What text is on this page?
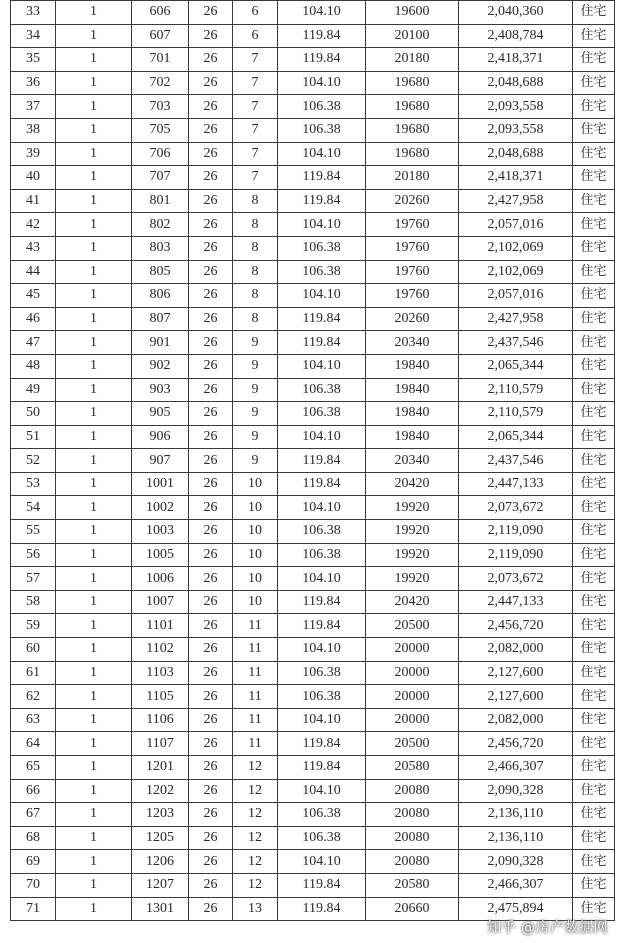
33	1	606	26	6	104.10	19600	2,040,360	住宅
34	1	607	26	6	119.84	20100	2,408,784	住宅
35	1	701	26	7	119.84	20180	2,418,371	住宅
36	1	702	26	7	104.10	19680	2,048,688	住宅
37	1	703	26	7	106.38	19680	2,093,558	住宅
38	1	705	26	7	106.38	19680	2,093,558	住宅
39	1	706	26	7	104.10	19680	2,048,688	住宅
40	1	707	26	7	119.84	20180	2,418,371	住宅
41	1	801	26	8	119.84	20260	2,427,958	住宅
42	1	802	26	8	104.10	19760	2,057,016	住宅
43	1	803	26	8	106.38	19760	2,102,069	住宅
44	1	805	26	8	106.38	19760	2,102,069	住宅
45	1	806	26	8	104.10	19760	2,057,016	住宅
46	1	807	26	8	119.84	20260	2,427,958	住宅
47	1	901	26	9	119.84	20340	2,437,546	住宅
48	1	902	26	9	104.10	19840	2,065,344	住宅
49	1	903	26	9	106.38	19840	2,110,579	住宅
50	1	905	26	9	106.38	19840	2,110,579	住宅
51	1	906	26	9	104.10	19840	2,065,344	住宅
52	1	907	26	9	119.84	20340	2,437,546	住宅
53	1	1001	26	10	119.84	20420	2,447,133	住宅
54	1	1002	26	10	104.10	19920	2,073,672	住宅
55	1	1003	26	10	106.38	19920	2,119,090	住宅
56	1	1005	26	10	106.38	19920	2,119,090	住宅
57	1	1006	26	10	104.10	19920	2,073,672	住宅
58	1	1007	26	10	119.84	20420	2,447,133	住宅
59	1	1101	26	11	119.84	20500	2,456,720	住宅
60	1	1102	26	11	104.10	20000	2,082,000	住宅
61	1	1103	26	11	106.38	20000	2,127,600	住宅
62	1	1105	26	11	106.38	20000	2,127,600	住宅
63	1	1106	26	11	104.10	20000	2,082,000	住宅
64	1	1107	26	11	119.84	20500	2,456,720	住宅
65	1	1201	26	12	119.84	20580	2,466,307	住宅
66	1	1202	26	12	104.10	20080	2,090,328	住宅
67	1	1203	26	12	106.38	20080	2,136,110	住宅
68	1	1205	26	12	106.38	20080	2,136,110	住宅
69	1	1206	26	12	104.10	20080	2,090,328	住宅
70	1	1207	26	12	119.84	20580	2,466,307	住宅
71	1	1301	26	13	119.84	20660	2,475,894	住宅
知乎 @房产数据网
